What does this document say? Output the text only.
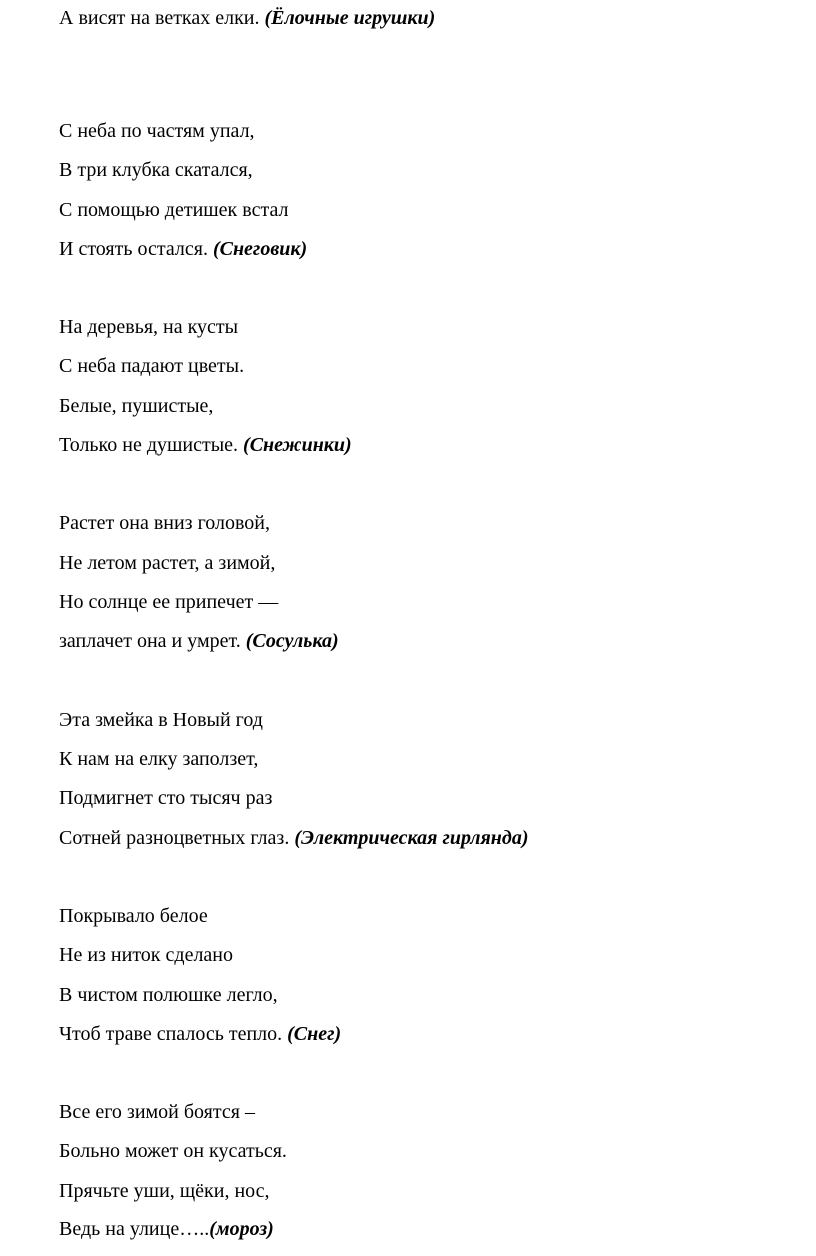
А висят на ветках елки. (Ёлочные игрушки)
С неба по частям упал,
В три клубка скатался,
С помощью детишек встал
И стоять остался. (Снеговик)
На деревья, на кусты
С неба падают цветы.
Белые, пушистые,
Только не душистые. (Снежинки)
Растет она вниз головой,
Не летом растет, а зимой,
Но солнце ее припечет —
заплачет она и умрет. (Сосулька)
Эта змейка в Новый год
К нам на елку заползет,
Подмигнет сто тысяч раз
Сотней разноцветных глаз. (Электрическая гирлянда)
Покрывало белое
Не из ниток сделано
В чистом полюшке легло,
Чтоб траве спалось тепло. (Снег)
Все его зимой боятся –
Больно может он кусаться.
Прячьте уши, щёки, нос,
Ведь на улице…..(мороз)
